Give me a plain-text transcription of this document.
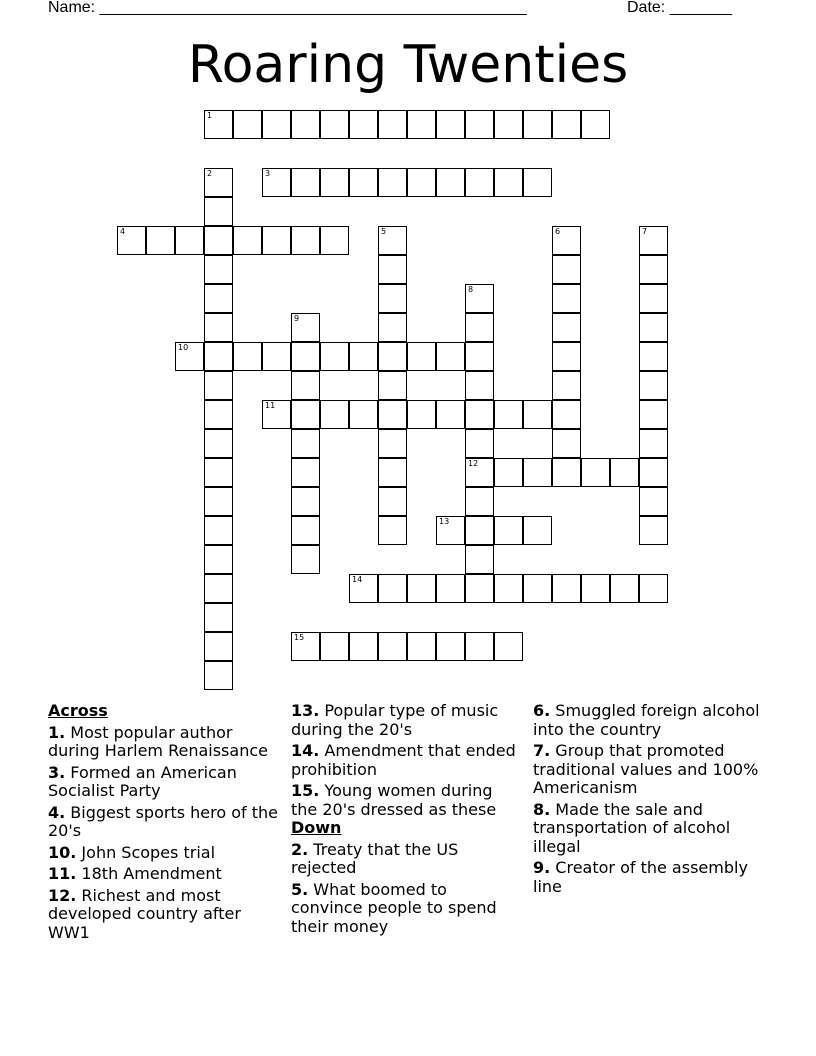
Name: ________________________________________________	Date: _______
Roaring Twenties
1
2	3
4	5	6	7
8
12
9
10
11
13
14
15
Across
1. Most popular author during Harlem Renaissance
3. Formed an American Socialist Party
4. Biggest sports hero of the 20's
10. John Scopes trial
11. 18th Amendment
12. Richest and most developed country after WW1
13. Popular type of music during the 20's
14. Amendment that ended prohibition
15. Young women during the 20's dressed as these
Down
2. Treaty that the US rejected
5. What boomed to convince people to spend their money
6. Smuggled foreign alcohol into the country
7. Group that promoted traditional values and 100% Americanism
8. Made the sale and transportation of alcohol illegal
9. Creator of the assembly line
